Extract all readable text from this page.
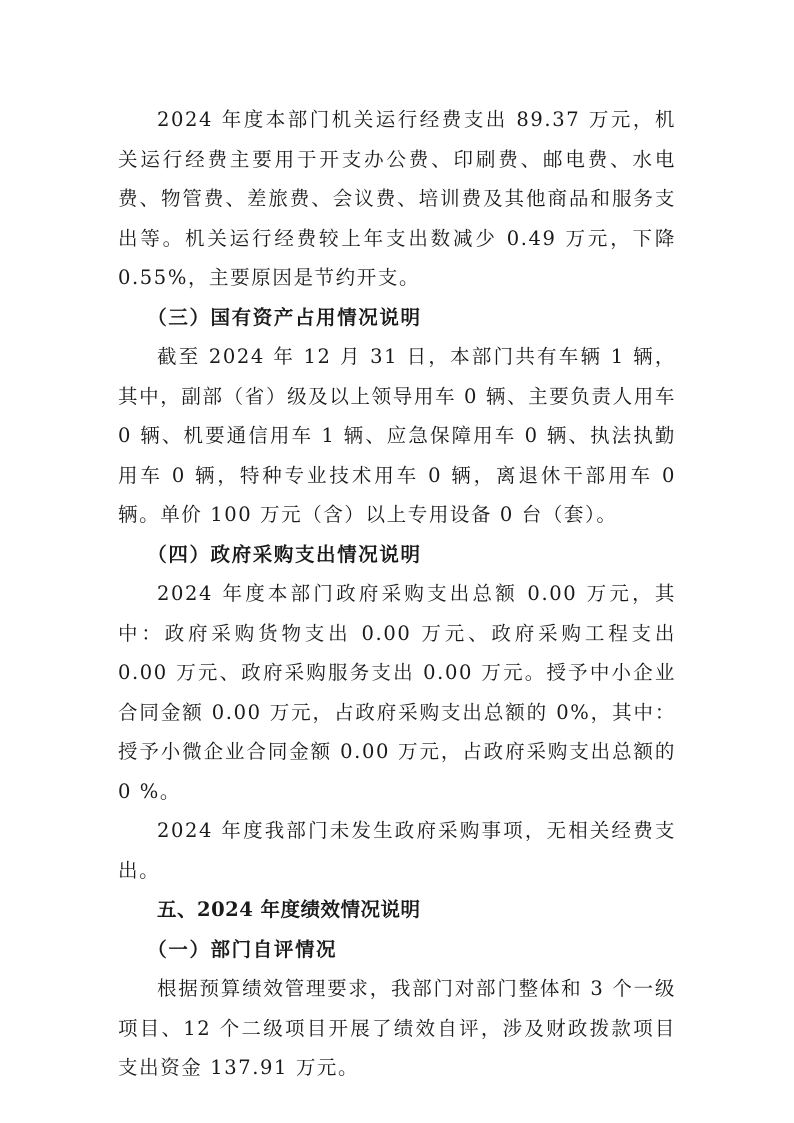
2024 年度本部门机关运行经费支出 89.37 万元，机关运行经费主要用于开支办公费、印刷费、邮电费、水电费、物管费、差旅费、会议费、培训费及其他商品和服务支出等。机关运行经费较上年支出数减少 0.49 万元，下降 0.55%，主要原因是节约开支。

（三）国有资产占用情况说明

截至 2024 年 12 月 31 日，本部门共有车辆 1 辆，其中，副部（省）级及以上领导用车 0 辆、主要负责人用车 0 辆、机要通信用车 1 辆、应急保障用车 0 辆、执法执勤用车 0 辆，特种专业技术用车 0 辆，离退休干部用车 0 辆。单价 100 万元（含）以上专用设备 0 台（套）。

（四）政府采购支出情况说明

2024 年度本部门政府采购支出总额 0.00 万元，其中：政府采购货物支出 0.00 万元、政府采购工程支出 0.00 万元、政府采购服务支出 0.00 万元。授予中小企业合同金额 0.00 万元，占政府采购支出总额的 0%，其中：授予小微企业合同金额 0.00 万元，占政府采购支出总额的 0 %。

2024 年度我部门未发生政府采购事项，无相关经费支出。

五、2024 年度绩效情况说明

（一）部门自评情况

根据预算绩效管理要求，我部门对部门整体和 3 个一级项目、12 个二级项目开展了绩效自评，涉及财政拨款项目支出资金 137.91 万元。
